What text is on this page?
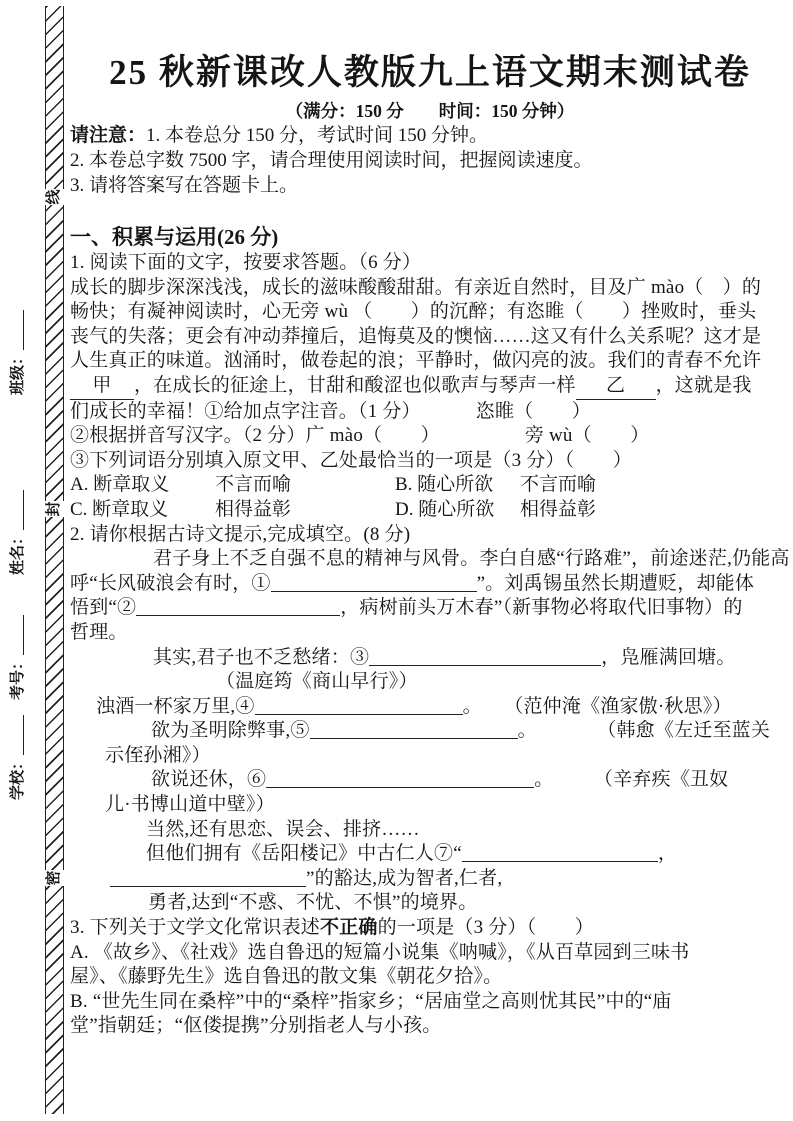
班级：
姓名：
考号：
学校：
线
封
密
25 秋新课改人教版九上语文期末测试卷
（满分：150 分　　时间：150 分钟）
请注意：1. 本卷总分 150 分，考试时间 150 分钟。
2. 本卷总字数 7500 字，请合理使用阅读时间，把握阅读速度。
3. 请将答案写在答题卡上。
一、积累与运用(26 分)
1. 阅读下面的文字，按要求答题。（6 分）
成长的脚步深深浅浅，成长的滋味酸酸甜甜。有亲近自然时，目及广 mào（　）的
畅快；有凝神阅读时，心无旁 wù （　　）的沉醉；有恣睢（　　）挫败时，垂头
丧气的失落；更会有冲动莽撞后，追悔莫及的懊恼……这又有什么关系呢？这才是
人生真正的味道。汹涌时，做卷起的浪；平静时，做闪亮的波。我们的青春不允许
甲 ，在成长的征途上，甘甜和酸涩也似歌声与琴声一样 乙 ，这就是我
们成长的幸福！①给加点字注音。（1 分）	恣睢（　　）
②根据拼音写汉字。（2 分）广 mào（　　）	旁 wù（　　）
③下列词语分别填入原文甲、乙处最恰当的一项是（3 分）（　　）
A. 断章取义	不言而喻	B. 随心所欲	不言而喻
C. 断章取义	相得益彰	D. 随心所欲	相得益彰
2. 请你根据古诗文提示,完成填空。(8 分)
君子身上不乏自强不息的精神与风骨。李白自感“行路难”，前途迷茫,仍能高
呼“长风破浪会有时，①	”。刘禹锡虽然长期遭贬，却能体
悟到“②	，病树前头万木春”（新事物必将取代旧事物）的
哲理。
其实,君子也不乏愁绪：③	，凫雁满回塘。
（温庭筠《商山早行》）
浊酒一杯家万里,④	。 （范仲淹《渔家傲·秋思》）
欲为圣明除弊事,⑤	。	（韩愈《左迁至蓝关
示侄孙湘》）
欲说还休，⑥	。	（辛弃疾《丑奴
儿·书博山道中壁》）
当然,还有思恋、误会、排挤……
但他们拥有《岳阳楼记》中古仁人⑦“	，
”的豁达,成为智者,仁者,
勇者,达到“不惑、不忧、不惧”的境界。
3. 下列关于文学文化常识表述不正确的一项是（3 分）（　　）
A. 《故乡》、《社戏》选自鲁迅的短篇小说集《呐喊》，《从百草园到三味书
屋》、《藤野先生》选自鲁迅的散文集《朝花夕拾》。
B. “世先生同在桑梓”中的“桑梓”指家乡；“居庙堂之高则忧其民”中的“庙
堂”指朝廷；“伛偻提携”分别指老人与小孩。
